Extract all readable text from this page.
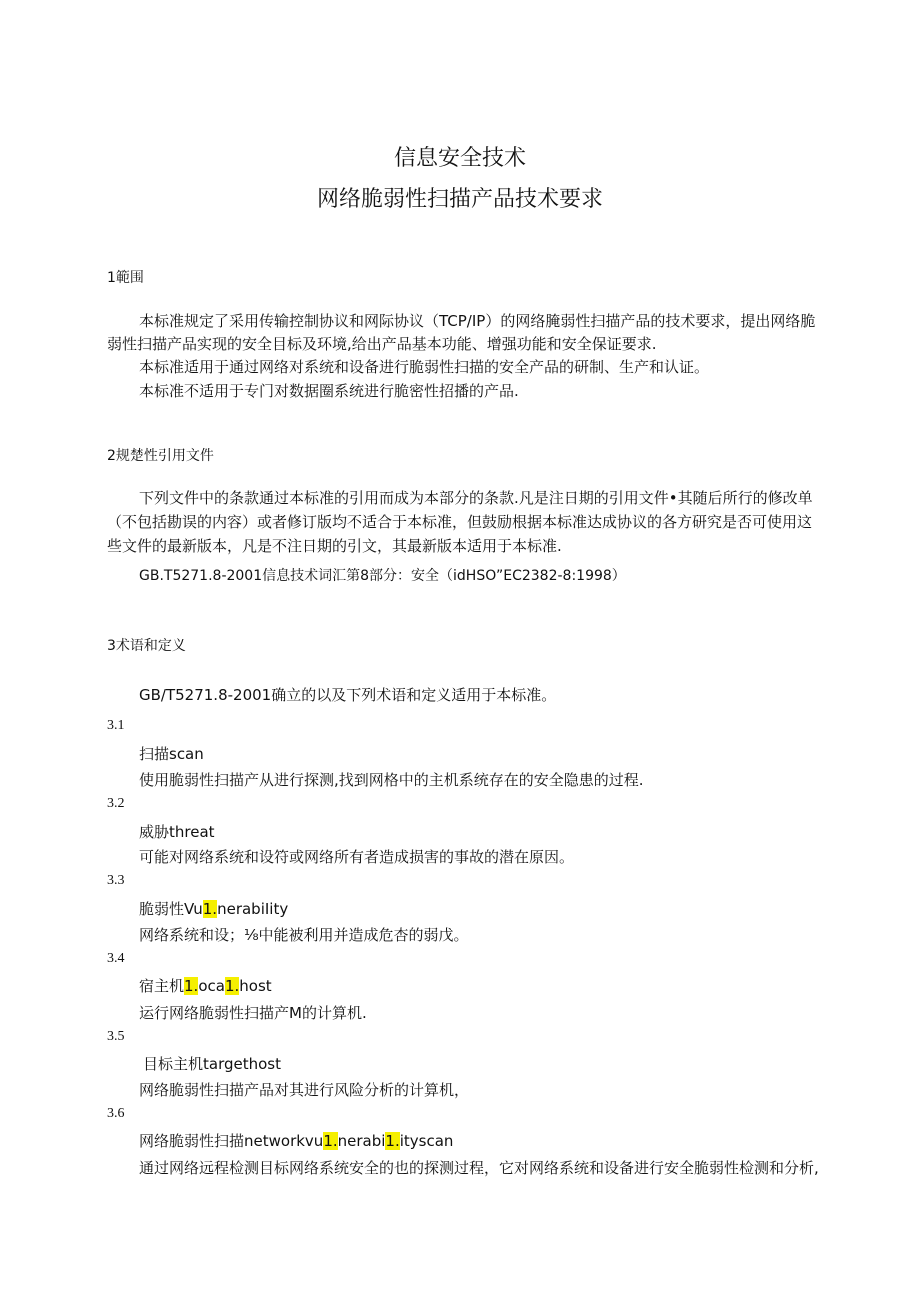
信息安全技术
网络脆弱性扫描产品技术要求
1範围
本标准规定了采用传输控制协议和网际协议（TCP/IP）的网络腌弱性扫描产品的技术要求，提出网络脆
弱性扫描产品实现的安全目标及环境,给出产品基本功能、增强功能和安全保证要求.
本标准适用于通过网络对系统和设备进行脆弱性扫描的安全产品的研制、生产和认证。
本标准不适用于专门对数据圈系统进行脆密性招播的产品.
2规楚性引用文件
下列文件中的条款通过本标准的引用而成为本部分的条款.凡是注日期的引用文件•其随后所行的修改单
（不包括勘误的内容）或者修订版均不适合于本标准，但鼓励根据本标准达成协议的各方研究是否可使用这
些文件的最新版本，凡是不注日期的引文，其最新版本适用于本标准.
GB.T5271.8-2001信息技术词汇第8部分：安全（idHSO”EC2382-8:1998）
3术语和定义
GB/T5271.8-2001确立的以及下列术语和定义适用于本标准。
3.1
扫描scan
使用脆弱性扫描产从进行探测,找到网格中的主机系统存在的安全隐患的过程.
3.2
威胁threat
可能对网络系统和设符或网络所有者造成损害的事故的潜在原因。
3.3
脆弱性Vu1.nerabiIity
网络系统和设；⅛中能被利用并造成危杏的弱戊。
3.4
宿主机1.oca1.host
运行网络脆弱性扫描产M的计算机.
3.5
目标主机targethost
网络脆弱性扫描产品对其进行风险分析的计算机，
3.6
网络脆弱性扫描networkvu1.nerabi1.ityscan
通过网络远程检测目标网络系统安全的也的探测过程，它对网络系统和设备进行安全脆弱性检测和分析,
